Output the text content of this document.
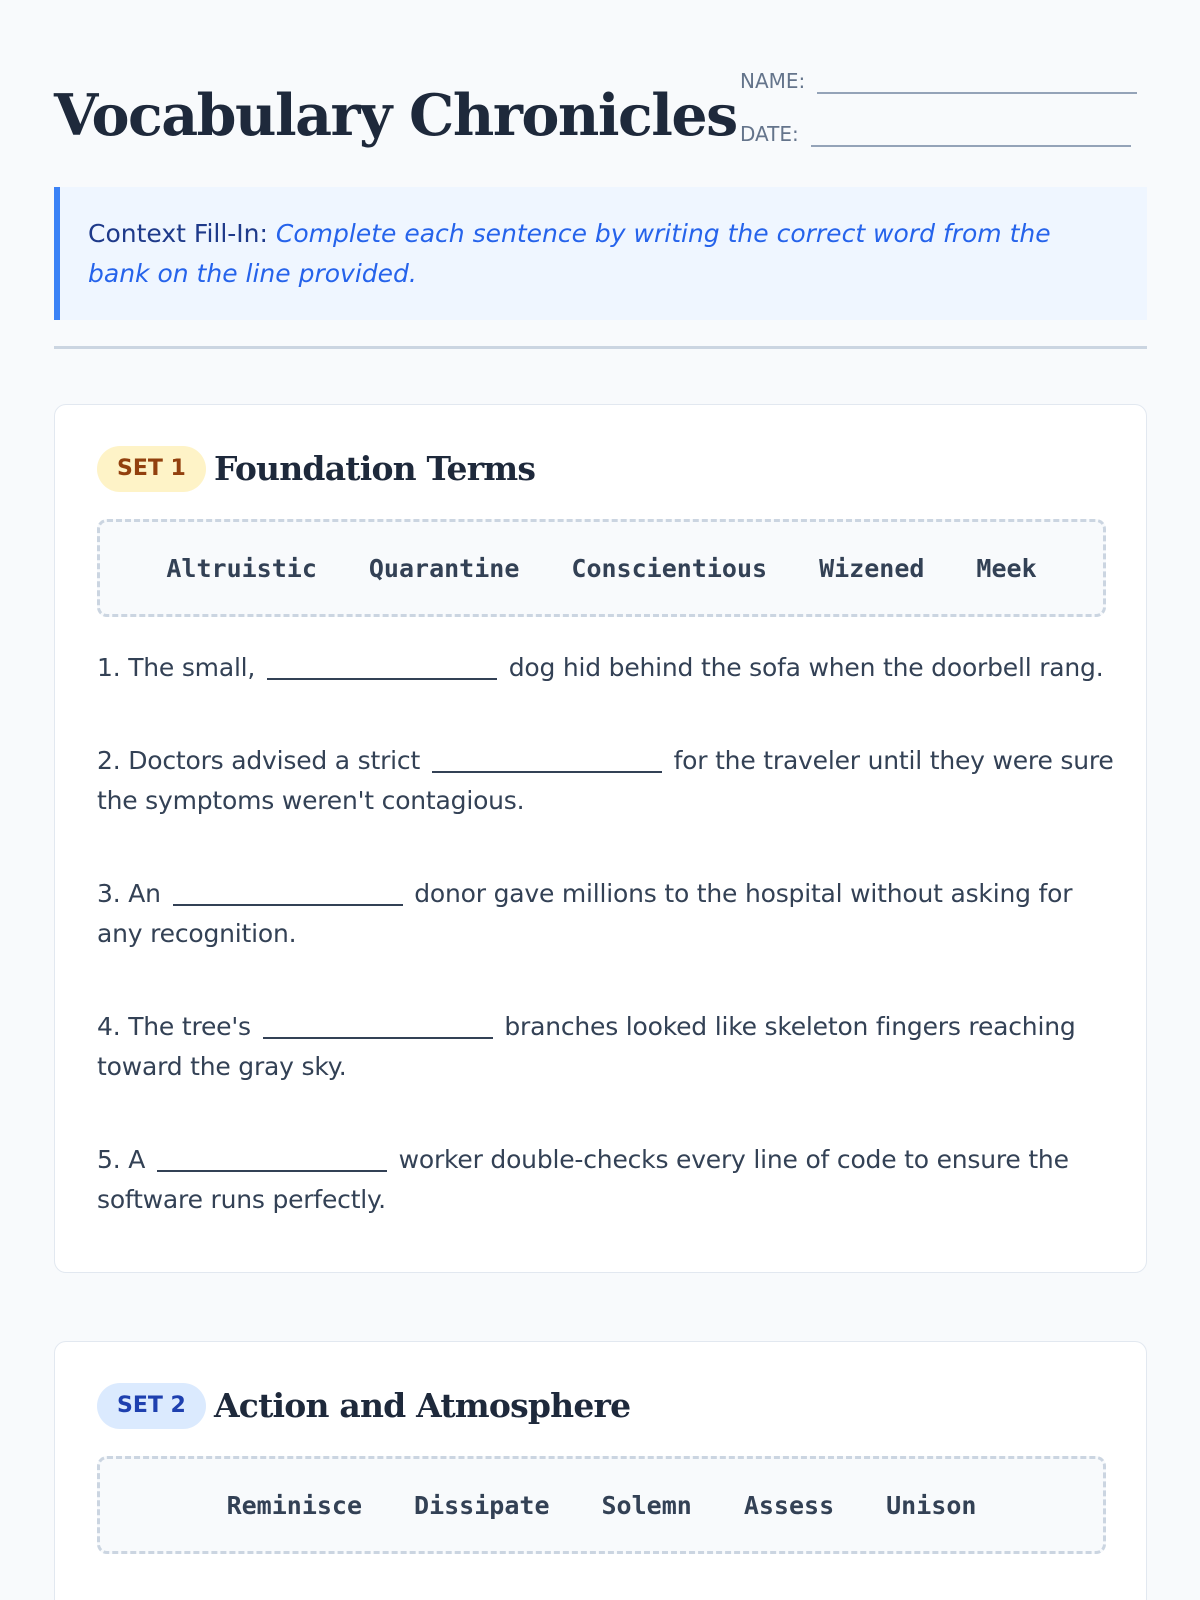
Vocabulary Chronicles
NAME:
DATE:
Context Fill-In: Complete each sentence by writing the correct word from the bank on the line provided.
SET 1 Foundation Terms
Altruistic Quarantine Conscientious Wizened Meek

1. The small,	dog hid behind the sofa when the doorbell rang.

2. Doctors advised a strict	for the traveler until they were sure the symptoms weren't contagious.

3. An	donor gave millions to the hospital without asking for any recognition.

4. The tree's	branches looked like skeleton fingers reaching toward the gray sky.

5. A	worker double-checks every line of code to ensure the software runs perfectly.

SET 2 Action and Atmosphere
Reminisce Dissipate Solemn Assess Unison
